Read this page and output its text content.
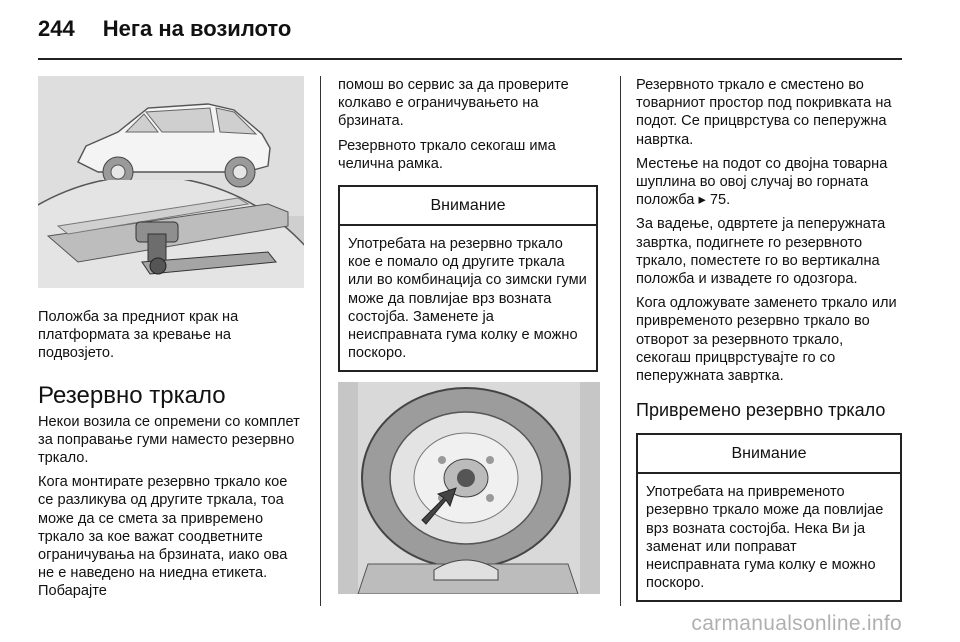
244 Нега на возилото

Положба за предниот крак на платформата за кревање на подвозјето.

Резервно тркало

Некои возила се опремени со комплет за поправање гуми наместо резервно тркало.

Кога монтирате резервно тркало кое се разликува од другите тркала, тоа може да се смета за привремено тркало за кое важат соодветните ограничувања на брзината, иако ова не е наведено на ниедна етикета. Побарајте

помош во сервис за да проверите колкаво е ограничувањето на брзината.

Резервното тркало секогаш има челична рамка.

Внимание
Употребата на резервно тркало кое е помало од другите тркала или во комбинација со зимски гуми може да повлијае врз возната состојба. Заменете ја неисправната гума колку е можно поскоро.

Резервното тркало е сместено во товарниот простор под покривката на подот. Се прицврстува со пеперужна навртка.

Местење на подот со двојна товарна шуплина во овој случај во горната положба ▸ 75.

За вадење, одвртете ја пеперужната завртка, подигнете го резервното тркало, поместете го во вертикална положба и извадете го одозгора.

Кога одложувате заменето тркало или привременото резервно тркало во отворот за резервното тркало, секогаш прицврстувајте го со пеперужната завртка.

Привремено резервно тркало
Внимание
Употребата на привременото резервно тркало може да повлијае врз возната состојба. Нека Ви ја заменат или поправат неисправната гума колку е можно поскоро.
carmanualsonline.info
